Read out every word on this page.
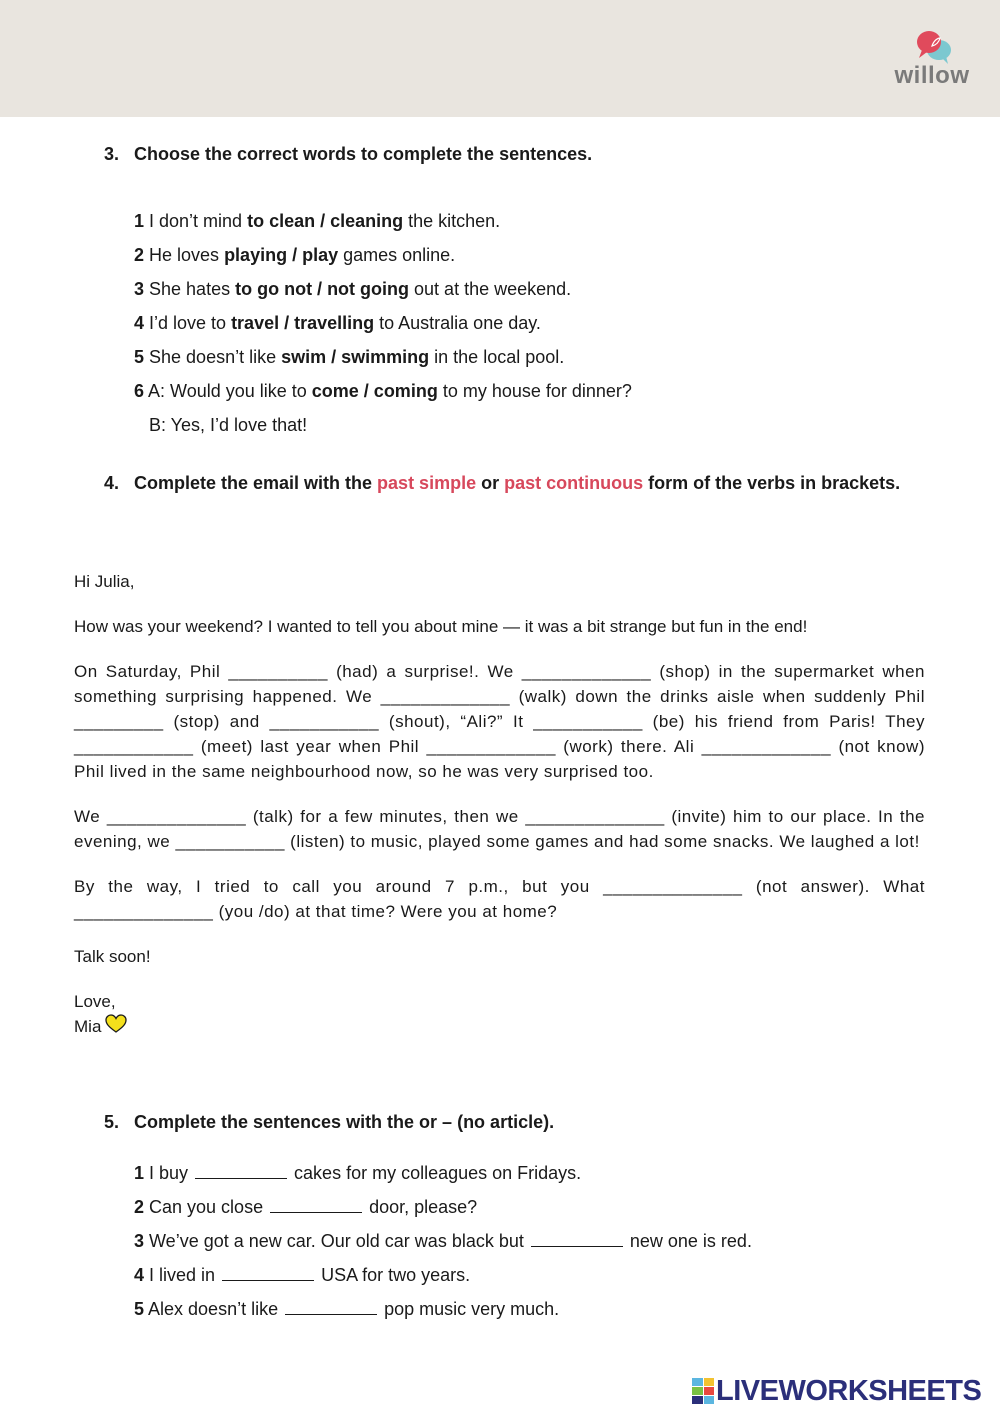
willow
3. Choose the correct words to complete the sentences.
1 I don’t mind to clean / cleaning the kitchen.
2 He loves playing / play games online.
3 She hates to go not / not going out at the weekend.
4 I’d love to travel / travelling to Australia one day.
5 She doesn’t like swim / swimming in the local pool.
6 A: Would you like to come / coming to my house for dinner?
B: Yes, I’d love that!
4. Complete the email with the past simple or past continuous form of the verbs in brackets.

Hi Julia,

How was your weekend? I wanted to tell you about mine — it was a bit strange but fun in the end!

On Saturday, Phil __________ (had) a surprise!. We _____________ (shop) in the supermarket when something surprising happened. We _____________ (walk) down the drinks aisle when suddenly Phil _________ (stop) and ___________ (shout), “Ali?” It ___________ (be) his friend from Paris! They ____________ (meet) last year when Phil _____________ (work) there. Ali _____________ (not know) Phil lived in the same neighbourhood now, so he was very surprised too.

We ______________ (talk) for a few minutes, then we ______________ (invite) him to our place. In the evening, we ___________ (listen) to music, played some games and had some snacks. We laughed a lot!

By the way, I tried to call you around 7 p.m., but you ______________ (not answer). What ______________ (you /do) at that time? Were you at home?

Talk soon!

Love,

Mia

5. Complete the sentences with the or – (no article).
1 I buy	cakes for my colleagues on Fridays.
2 Can you close	door, please?
3 We’ve got a new car. Our old car was black but	new one is red.
4 I lived in	USA for two years.
5 Alex doesn’t like	pop music very much.
LIVEWORKSHEETS
